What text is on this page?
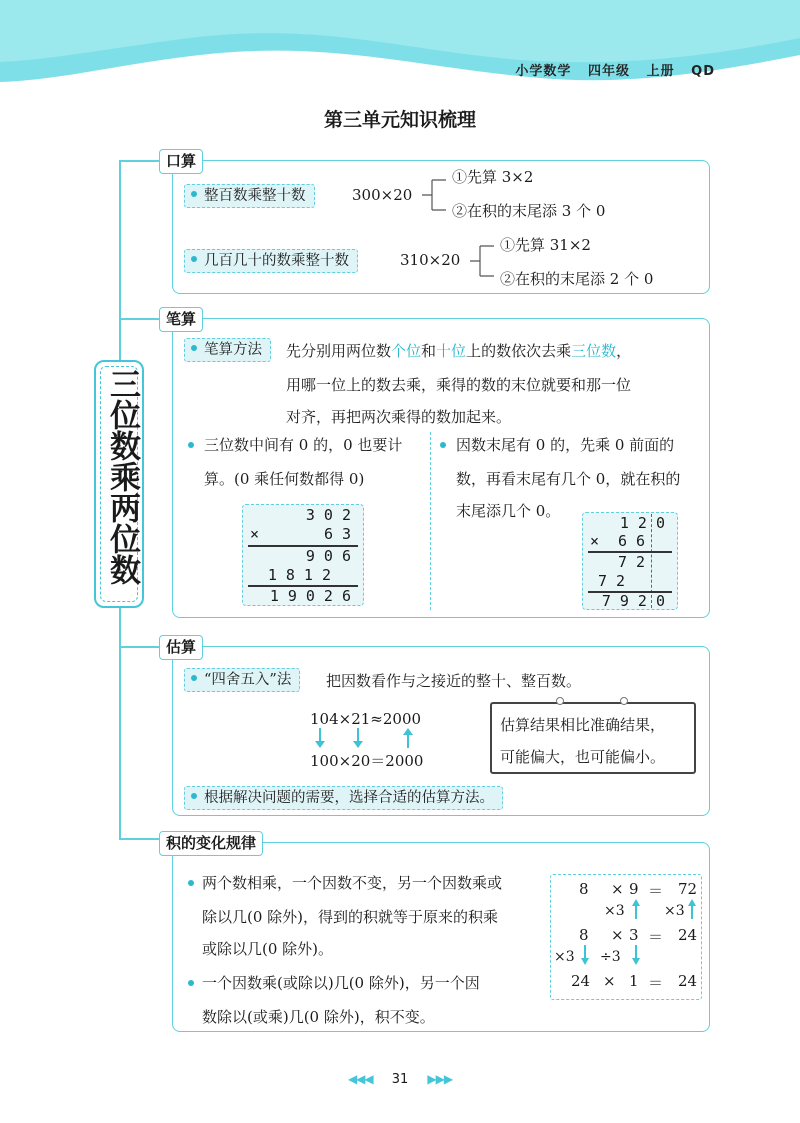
小学数学 四年级 上册 QD
第三单元知识梳理
三位数乘两位数
口算
整百数乘整十数	300×20
①先算 3×2
②在积的末尾添 3 个 0
几百几十的数乘整十数	310×20
①先算 31×2
②在积的末尾添 2 个 0
笔算
笔算方法	先分别用两位数个位和十位上的数依次去乘三位数，
用哪一位上的数去乘，乘得的数的末位就要和那一位
对齐，再把两次乘得的数加起来。
三位数中间有 0 的，0 也要计
算。(0 乘任何数都得 0)
因数末尾有 0 的，先乘 0 前面的
数，再看末尾有几个 0，就在积的
末尾添几个 0。
302
×	63
906
1812
19026
120
× 66
72
72
7920
估算
“四舍五入”法	把因数看作与之接近的整十、整百数。
104×21≈2000
100×20＝2000
估算结果相比准确结果，
可能偏大，也可能偏小。
根据解决问题的需要，选择合适的估算方法。
积的变化规律
两个数相乘，一个因数不变，另一个因数乘或
除以几(0 除外)，得到的积就等于原来的积乘
或除以几(0 除外)。
一个因数乘(或除以)几(0 除外)，另一个因
数除以(或乘)几(0 除外)，积不变。
8 × 9 ＝ 72
×3	×3
8 × 3 ＝ 24
×3 ÷3
24 × 1 ＝ 24
◀◀◀ 31 ▶▶▶
